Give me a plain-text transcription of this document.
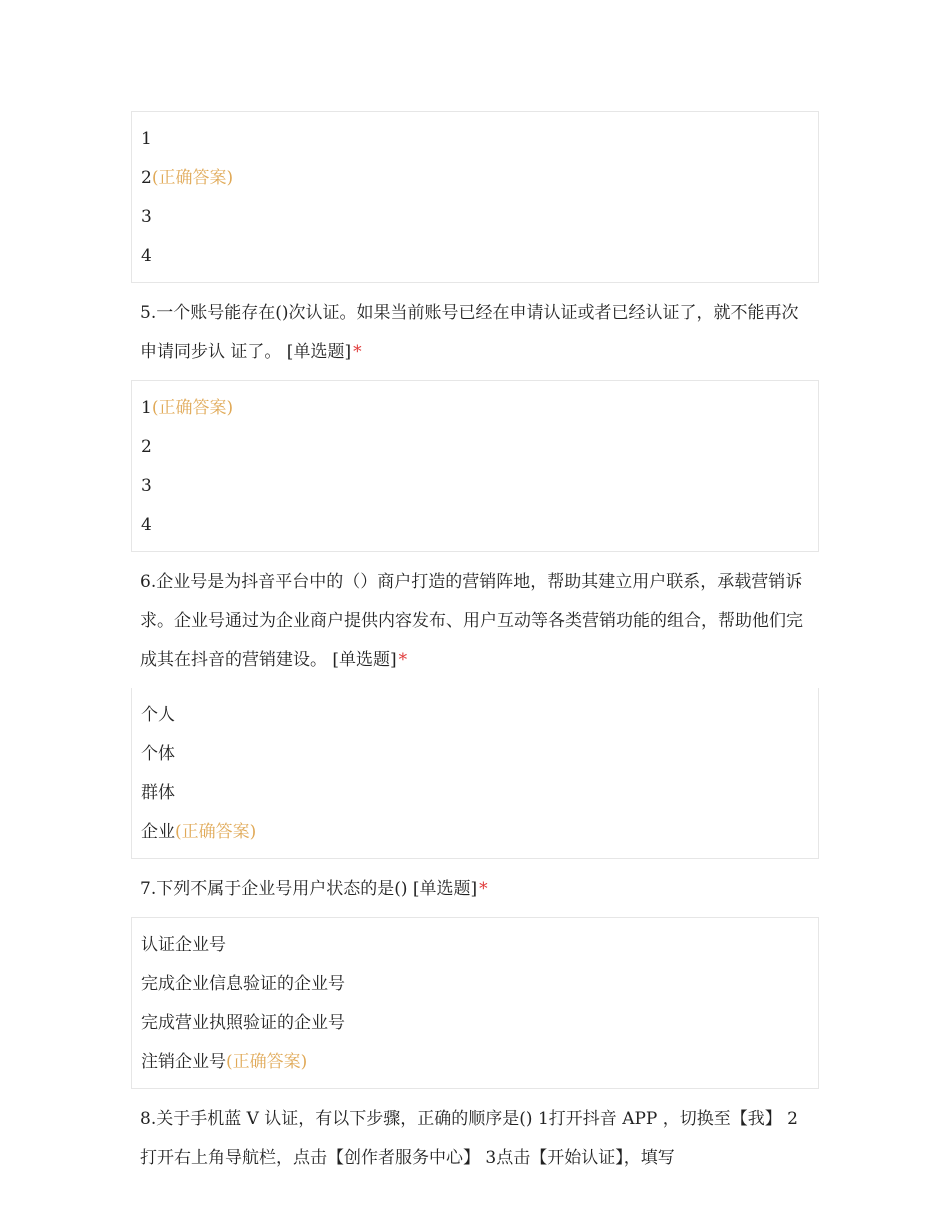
1
2(正确答案)
3
4
5.一个账号能存在()次认证。如果当前账号已经在申请认证或者已经认证了，就不能再次申请同步认 证了。 [单选题] *
1(正确答案)
2
3
4
6.企业号是为抖音平台中的（）商户打造的营销阵地，帮助其建立用户联系，承载营销诉求。企业号通过为企业商户提供内容发布、用户互动等各类营销功能的组合，帮助他们完成其在抖音的营销建设。 [单选题] *
个人
个体
群体
企业(正确答案)
7.下列不属于企业号用户状态的是() [单选题] *
认证企业号
完成企业信息验证的企业号
完成营业执照验证的企业号
注销企业号(正确答案)
8.关于手机蓝 V 认证，有以下步骤，正确的顺序是() 1打开抖音 APP ，切换至【我】 2打开右上角导航栏，点击【创作者服务中心】 3点击【开始认证】，填写
